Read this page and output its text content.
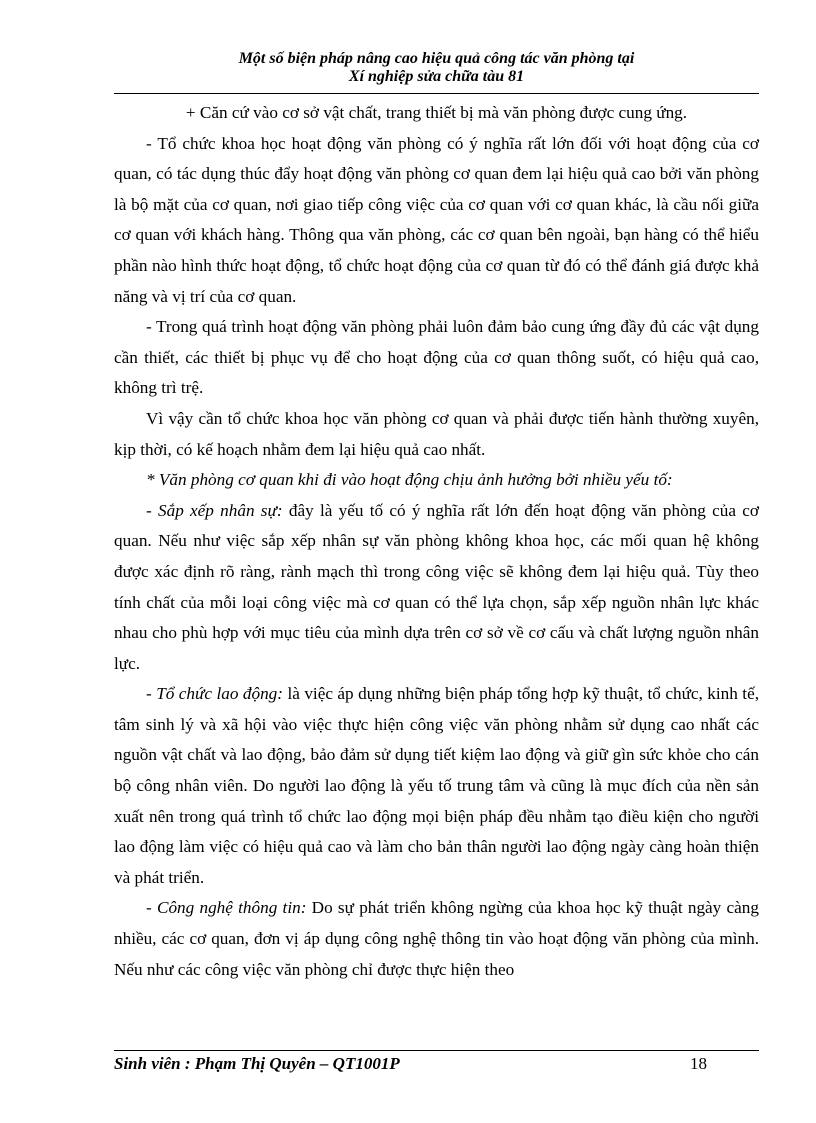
Một số biện pháp nâng cao hiệu quả công tác văn phòng tại
Xí nghiệp sửa chữa tàu 81

+ Căn cứ vào cơ sở vật chất, trang thiết bị mà văn phòng được cung ứng.

- Tổ chức khoa học hoạt động văn phòng có ý nghĩa rất lớn đối với hoạt động của cơ quan, có tác dụng thúc đẩy hoạt động văn phòng cơ quan đem lại hiệu quả cao bởi văn phòng là bộ mặt của cơ quan, nơi giao tiếp công việc của cơ quan với cơ quan khác, là cầu nối giữa cơ quan với khách hàng. Thông qua văn phòng, các cơ quan bên ngoài, bạn hàng có thể hiểu phần nào hình thức hoạt động, tổ chức hoạt động của cơ quan từ đó có thể đánh giá được khả năng và vị trí của cơ quan.

- Trong quá trình hoạt động văn phòng phải luôn đảm bảo cung ứng đầy đủ các vật dụng cần thiết, các thiết bị phục vụ để cho hoạt động của cơ quan thông suốt, có hiệu quả cao, không trì trệ.

Vì vậy cần tổ chức khoa học văn phòng cơ quan và phải được tiến hành thường xuyên, kịp thời, có kế hoạch nhằm đem lại hiệu quả cao nhất.

* Văn phòng cơ quan khi đi vào hoạt động chịu ảnh hưởng bởi nhiều yếu tố:

- Sắp xếp nhân sự: đây là yếu tố có ý nghĩa rất lớn đến hoạt động văn phòng của cơ quan. Nếu như việc sắp xếp nhân sự văn phòng không khoa học, các mối quan hệ không được xác định rõ ràng, rành mạch thì trong công việc sẽ không đem lại hiệu quả. Tùy theo tính chất của mỗi loại công việc mà cơ quan có thể lựa chọn, sắp xếp nguồn nhân lực khác nhau cho phù hợp với mục tiêu của mình dựa trên cơ sở về cơ cấu và chất lượng nguồn nhân lực.

- Tổ chức lao động: là việc áp dụng những biện pháp tổng hợp kỹ thuật, tổ chức, kinh tế, tâm sinh lý và xã hội vào việc thực hiện công việc văn phòng nhằm sử dụng cao nhất các nguồn vật chất và lao động, bảo đảm sử dụng tiết kiệm lao động và giữ gìn sức khỏe cho cán bộ công nhân viên. Do người lao động là yếu tố trung tâm và cũng là mục đích của nền sản xuất nên trong quá trình tổ chức lao động mọi biện pháp đều nhằm tạo điều kiện cho người lao động làm việc có hiệu quả cao và làm cho bản thân người lao động ngày càng hoàn thiện và phát triển.

- Công nghệ thông tin: Do sự phát triển không ngừng của khoa học kỹ thuật ngày càng nhiều, các cơ quan, đơn vị áp dụng công nghệ thông tin vào hoạt động văn phòng của mình. Nếu như các công việc văn phòng chỉ được thực hiện theo

Sinh viên : Phạm Thị Quyên – QT1001P	18
